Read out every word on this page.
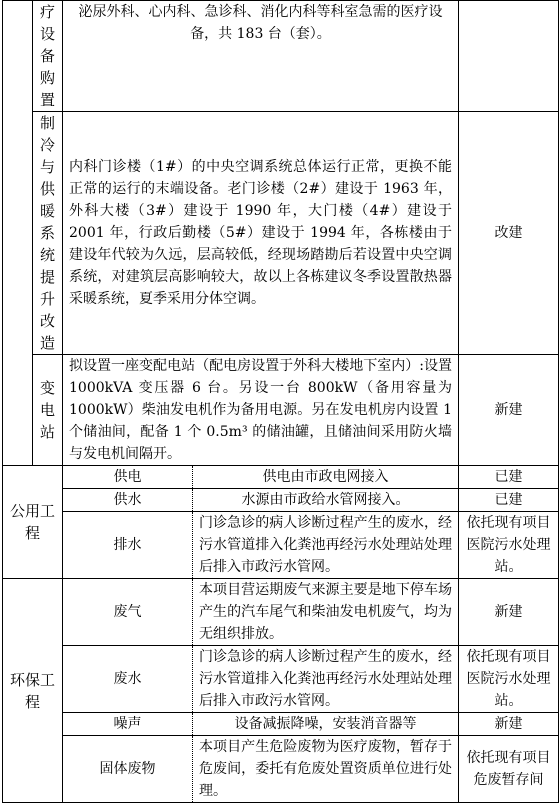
	疗设备购置	泌尿外科、心内科、急诊科、消化内科等科室急需的医疗设备，共 183 台（套）。		

	制冷与供暖系统提升改造	内科门诊楼（1#）的中央空调系统总体运行正常，更换不能正常的运行的末端设备。老门诊楼（2#）建设于 1963 年，外科大楼（3#）建设于 1990 年，大门楼（4#）建设于 2001 年，行政后勤楼（5#）建设于 1994 年，各栋楼由于建设年代较为久远，层高较低，经现场踏勘后若设置中央空调系统，对建筑层高影响较大，故以上各栋建议冬季设置散热器采暖系统，夏季采用分体空调。		改建

	变电站	拟设置一座变配电站（配电房设置于外科大楼地下室内）:设置 1000kVA 变压器 6 台。另设一台 800kW（备用容量为 1000kW）柴油发电机作为备用电源。另在发电机房内设置 1 个储油间，配备 1 个 0.5m³ 的储油罐，且储油间采用防火墙与发电机间隔开。		新建
公用工程		供电	供电由市政电网接入	已建
		供水	水源由市政给水管网接入。	已建
		排水	门诊急诊的病人诊断过程产生的废水，经污水管道排入化粪池再经污水处理站处理后排入市政污水管网。	依托现有项目医院污水处理站。
环保工程		废气	本项目营运期废气来源主要是地下停车场产生的汽车尾气和柴油发电机废气，均为无组织排放。	新建
		废水	门诊急诊的病人诊断过程产生的废水，经污水管道排入化粪池再经污水处理站处理后排入市政污水管网。	依托现有项目医院污水处理站。
		噪声	设备减振降噪，安装消音器等	新建
		固体废物	本项目产生危险废物为医疗废物，暂存于危废间，委托有危废处置资质单位进行处理。	依托现有项目危废暂存间
